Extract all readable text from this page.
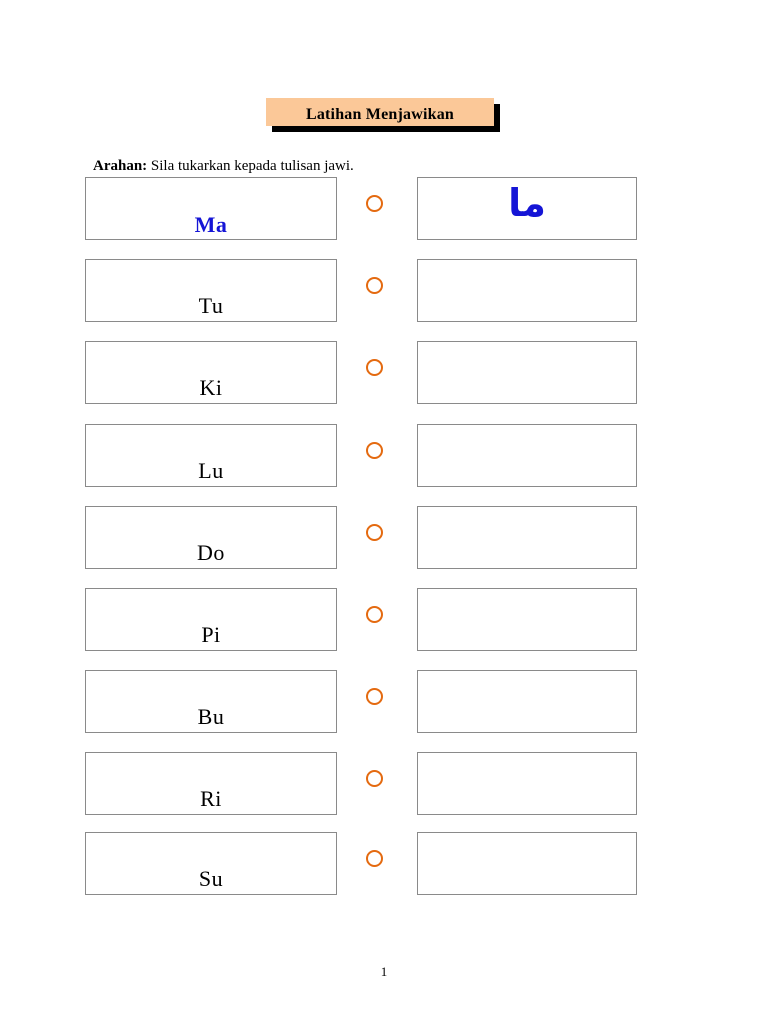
Latihan Menjawikan
Arahan: Sila tukarkan kepada tulisan jawi.
Ma	ما
Tu
Ki
Lu
Do
Pi
Bu
Ri
Su
1
